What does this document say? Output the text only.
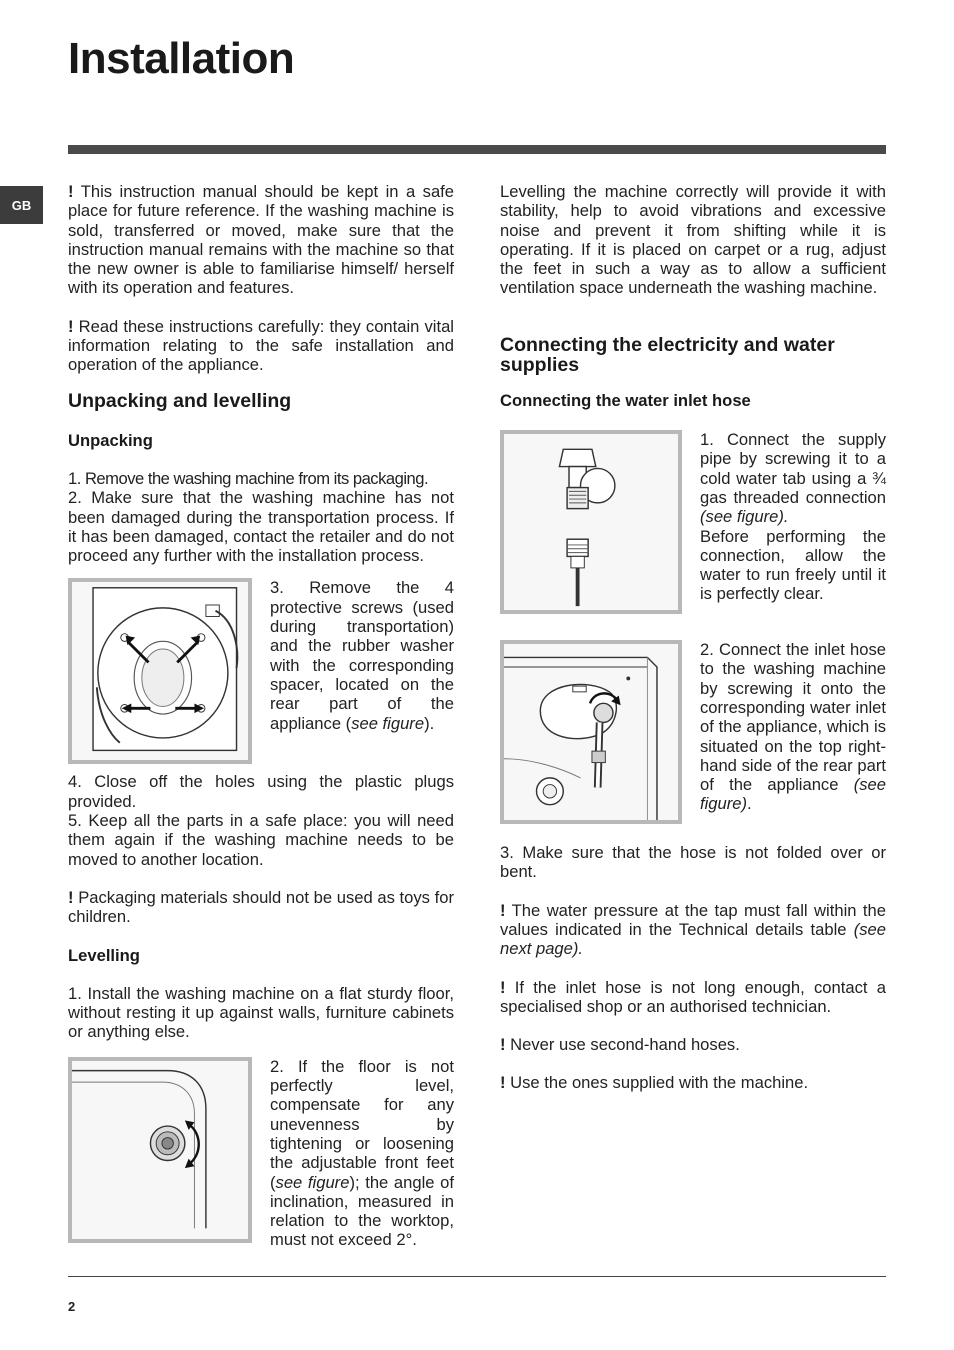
Installation
GB

! This instruction manual should be kept in a safe place for future reference. If the washing machine is sold, transferred or moved, make sure that the instruction manual remains with the machine so that the new owner is able to familiarise himself/ herself with its operation and features.

! Read these instructions carefully: they contain vital information relating to the safe installation and operation of the appliance.

Unpacking and levelling
Unpacking

1. Remove the washing machine from its packaging.

2. Make sure that the washing machine has not been damaged during the transportation process. If it has been damaged, contact the retailer and do not proceed any further with the installation process.

3. Remove the 4 protective screws (used during transportation) and the rubber washer with the corresponding spacer, located on the rear part of the appliance (see figure).

4. Close off the holes using the plastic plugs provided.

5. Keep all the parts in a safe place: you will need them again if the washing machine needs to be moved to another location.

! Packaging materials should not be used as toys for children.

Levelling

1. Install the washing machine on a flat sturdy floor, without resting it up against walls, furniture cabinets or anything else.

2. If the floor is not perfectly level, compensate for any unevenness by tightening or loosening the adjustable front feet (see figure); the angle of inclination, measured in relation to the worktop, must not exceed 2°.

Levelling the machine correctly will provide it with stability, help to avoid vibrations and excessive noise and prevent it from shifting while it is operating. If it is placed on carpet or a rug, adjust the feet in such a way as to allow a sufficient ventilation space underneath the washing machine.

Connecting the electricity and water supplies
Connecting the water inlet hose

1. Connect the supply pipe by screwing it to a cold water tab using a ¾ gas threaded connection (see figure).

Before performing the connection, allow the water to run freely until it is perfectly clear.

2. Connect the inlet hose to the washing machine by screwing it onto the corresponding water inlet of the appliance, which is situated on the top right-hand side of the rear part of the appliance (see figure).

3. Make sure that the hose is not folded over or bent.

! The water pressure at the tap must fall within the values indicated in the Technical details table (see next page).

! If the inlet hose is not long enough, contact a specialised shop or an authorised technician.

! Never use second-hand hoses.

! Use the ones supplied with the machine.

2
